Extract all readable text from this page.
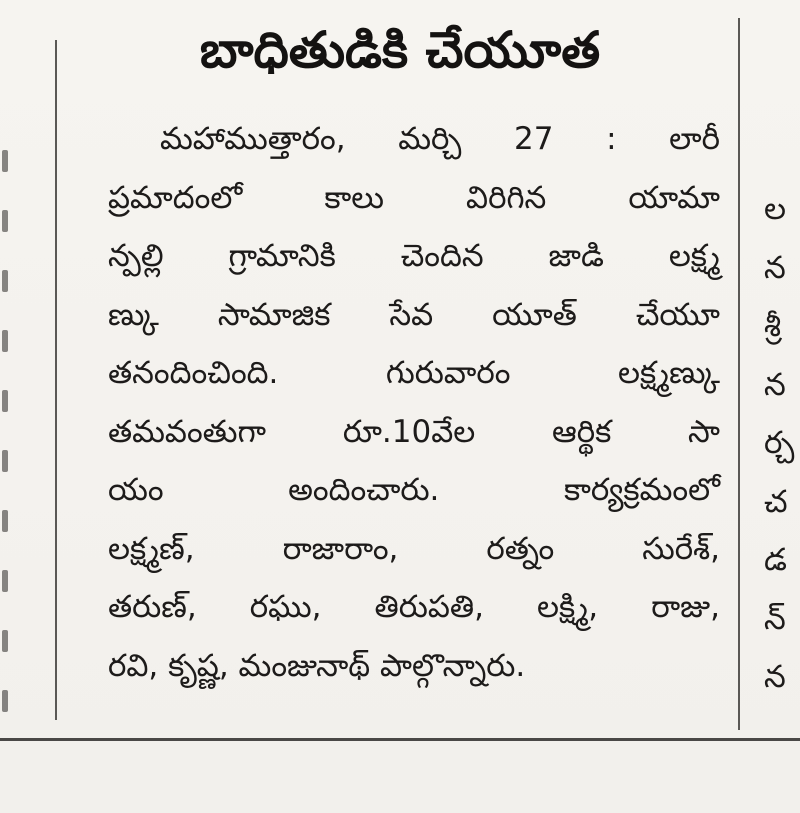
బాధితుడికి చేయూత
మహాముత్తారం, మర్చి 27 : లారీ
ప్రమాదంలో కాలు విరిగిన యామా
న్పల్లి గ్రామానికి చెందిన జాడి లక్ష్మ
ణ్కు సామాజిక సేవ యూత్ చేయూ
తనందించింది. గురువారం లక్ష్మణ్కు
తమవంతుగా రూ.10వేల ఆర్థిక సా
యం అందించారు. కార్యక్రమంలో
లక్ష్మణ్, రాజారాం, రత్నం సురేశ్,
తరుణ్, రఘు, తిరుపతి, లక్ష్మి, రాజు,
రవి, కృష్ణ, మంజునాథ్ పాల్గొన్నారు.
ల
న
శ్రీ
న
ర్చ
చ
డ
న్
న
